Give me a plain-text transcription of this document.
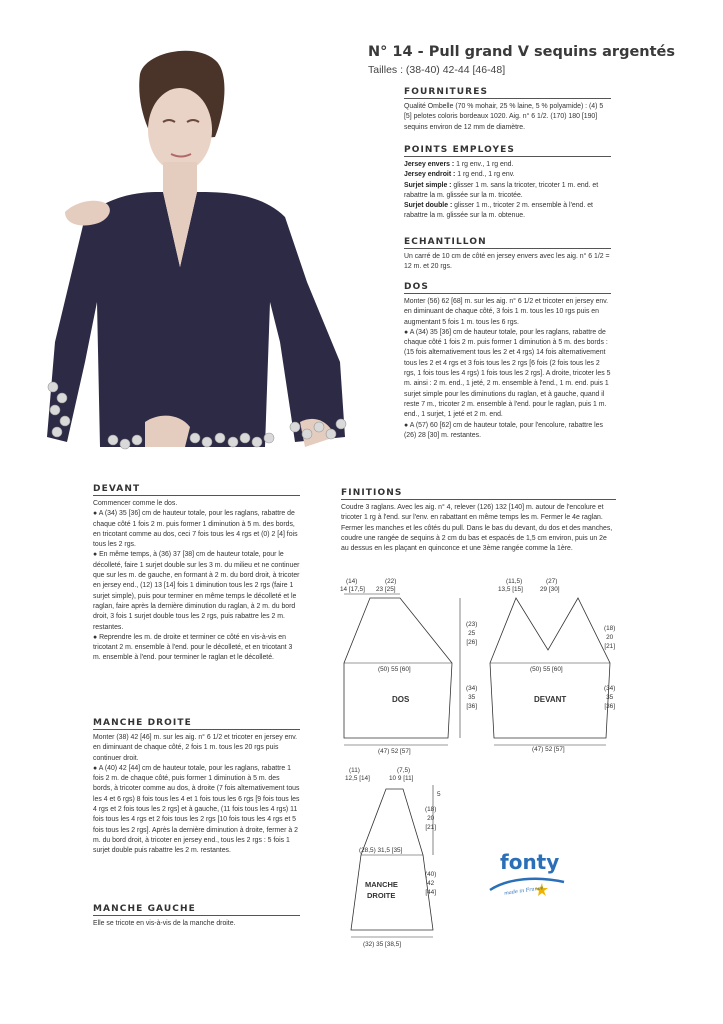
N° 14 - Pull grand V sequins argentés
Tailles : (38-40) 42-44 [46-48]
FOURNITURES

Qualité Ombelle (70 % mohair, 25 % laine, 5 % polyamide) : (4) 5 [5] pelotes coloris bordeaux 1020. Aig. n° 6 1/2. (170) 180 [190] sequins environ de 12 mm de diamètre.

POINTS EMPLOYES

Jersey envers : 1 rg env., 1 rg end.

Jersey endroit : 1 rg end., 1 rg env.

Surjet simple : glisser 1 m. sans la tricoter, tricoter 1 m. end. et rabattre la m. glissée sur la m. tricotée.

Surjet double : glisser 1 m., tricoter 2 m. ensemble à l'end. et rabattre la m. glissée sur la m. obtenue.

ECHANTILLON

Un carré de 10 cm de côté en jersey envers avec les aig. n° 6 1/2 = 12 m. et 20 rgs.

DOS

Monter (56) 62 [68] m. sur les aig. n° 6 1/2 et tricoter en jersey env. en diminuant de chaque côté, 3 fois 1 m. tous les 10 rgs puis en augmentant 5 fois 1 m. tous les 6 rgs.
● A (34) 35 [36] cm de hauteur totale, pour les raglans, rabattre de chaque côté 1 fois 2 m. puis former 1 diminution à 5 m. des bords : (15 fois alternativement tous les 2 et 4 rgs) 14 fois alternativement tous les 2 et 4 rgs et 3 fois tous les 2 rgs [6 fois (2 fois tous les 2 rgs, 1 fois tous les 4 rgs) 1 fois tous les 2 rgs]. A droite, tricoter les 5 m. ainsi : 2 m. end., 1 jeté, 2 m. ensemble à l'end., 1 m. end. puis 1 surjet simple pour les diminutions du raglan, et à gauche, quand il reste 7 m., tricoter 2 m. ensemble à l'end. pour le raglan, puis 1 m. end., 1 surjet, 1 jeté et 2 m. end.
● A (57) 60 [62] cm de hauteur totale, pour l'encolure, rabattre les (26) 28 [30] m. restantes.

DEVANT

Commencer comme le dos.
● A (34) 35 [36] cm de hauteur totale, pour les raglans, rabattre de chaque côté 1 fois 2 m. puis former 1 diminution à 5 m. des bords, en tricotant comme au dos, ceci 7 fois tous les 4 rgs et (0) 2 [4] fois tous les 2 rgs.
● En même temps, à (36) 37 [38] cm de hauteur totale, pour le décolleté, faire 1 surjet double sur les 3 m. du milieu et ne continuer que sur les m. de gauche, en formant à 2 m. du bord droit, à tricoter en jersey end., (12) 13 [14] fois 1 diminution tous les 2 rgs (faire 1 surjet simple), puis pour terminer en même temps le décolleté et le raglan, faire après la dernière diminution du raglan, à 2 m. du bord droit, 3 fois 1 surjet double tous les 2 rgs, puis rabattre les 2 m. restantes.
● Reprendre les m. de droite et terminer ce côté en vis-à-vis en tricotant 2 m. ensemble à l'end. pour le décolleté, et en tricotant 3 m. ensemble à l'end. pour terminer le raglan et le décolleté.

MANCHE DROITE

Monter (38) 42 [46] m. sur les aig. n° 6 1/2 et tricoter en jersey env. en diminuant de chaque côté, 2 fois 1 m. tous les 20 rgs puis continuer droit.
● A (40) 42 [44] cm de hauteur totale, pour les raglans, rabattre 1 fois 2 m. de chaque côté, puis former 1 diminution à 5 m. des bords, à tricoter comme au dos, à droite (7 fois alternativement tous les 4 et 6 rgs) 8 fois tous les 4 et 1 fois tous les 6 rgs [9 fois tous les 4 rgs et 2 fois tous les 2 rgs] et à gauche, (11 fois tous les 4 rgs) 11 fois tous les 4 rgs et 2 fois tous les 2 rgs [10 fois tous les 4 rgs et 5 fois tous les 2 rgs]. Après la dernière diminution à droite, fermer à 2 m. du bord droit, à tricoter en jersey end., tous les 2 rgs : 5 fois 1 surjet double puis rabattre les 2 m. restantes.

MANCHE GAUCHE

Elle se tricote en vis-à-vis de la manche droite.

FINITIONS

Coudre 3 raglans. Avec les aig. n° 4, relever (126) 132 [140] m. autour de l'encolure et tricoter 1 rg à l'end. sur l'env. en rabattant en même temps les m. Fermer le 4e raglan. Fermer les manches et les côtés du pull. Dans le bas du devant, du dos et des manches, coudre une rangée de sequins à 2 cm du bas et espacés de 1,5 cm environ, puis un 2e au dessus en les plaçant en quinconce et une 3ème rangée comme la 1ère.

(14)	(22)
14 [17,5] 23 [25]
(23)
25
[26]
(50) 55 [60]
DOS
(34)
35
[36]
(47) 52 [57]
(11,5)	(27)
13,5 [15]	29 [30]
(18)
20
[21]
(50) 55 [60]
DEVANT
(34)
35
[36]
(47) 52 [57]
(11)	(7,5)
12,5 [14]	10 9 [11]
5
(18)
20
[21]
(28,5) 31,5 [35]
MANCHE
DROITE
(40)
42
[44]
(32) 35 [38,5]
fonty
made in France
